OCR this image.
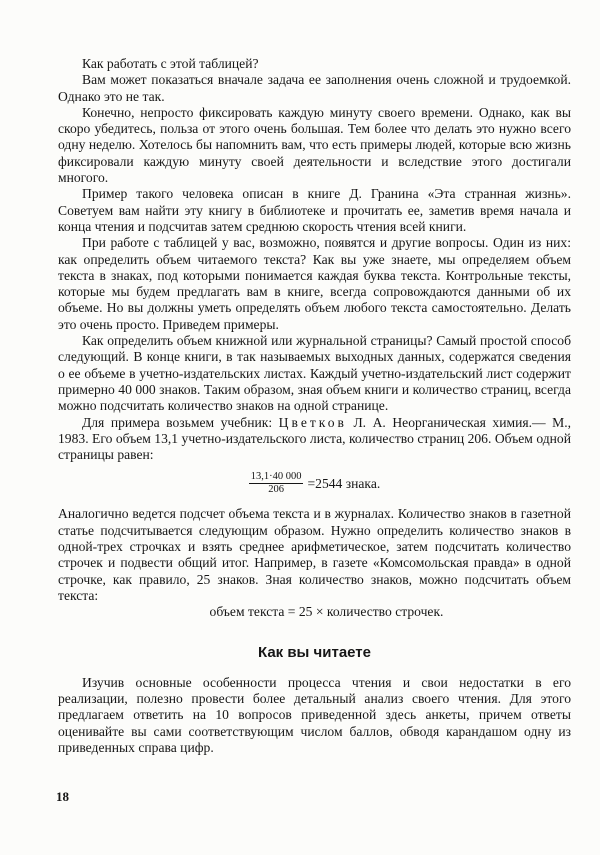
Как работать с этой таблицей?

Вам может показаться вначале задача ее заполнения очень сложной и трудоемкой. Однако это не так.

Конечно, непросто фиксировать каждую минуту своего времени. Однако, как вы скоро убедитесь, польза от этого очень большая. Тем более что делать это нужно всего одну неделю. Хотелось бы напомнить вам, что есть примеры людей, которые всю жизнь фиксировали каждую минуту своей деятельности и вследствие этого достигали многого.

Пример такого человека описан в книге Д. Гранина «Эта странная жизнь». Советуем вам найти эту книгу в библиотеке и прочитать ее, заметив время начала и конца чтения и подсчитав затем среднюю скорость чтения всей книги.

При работе с таблицей у вас, возможно, появятся и другие вопросы. Один из них: как определить объем читаемого текста? Как вы уже знаете, мы определяем объем текста в знаках, под которыми понимается каждая буква текста. Контрольные тексты, которые мы будем предлагать вам в книге, всегда сопровождаются данными об их объеме. Но вы должны уметь определять объем любого текста самостоятельно. Делать это очень просто. Приведем примеры.

Как определить объем книжной или журнальной страницы? Самый простой способ следующий. В конце книги, в так называемых выходных данных, содержатся сведения о ее объеме в учетно-издательских листах. Каждый учетно-издательский лист содержит примерно 40 000 знаков. Таким образом, зная объем книги и количество страниц, всегда можно подсчитать количество знаков на одной странице.

Для примера возьмем учебник: Цветков Л. А. Неорганическая химия.— М., 1983. Его объем 13,1 учетно-издательского листа, количество страниц 206. Объем одной страницы равен:

$\frac{13,1\cdot 40 000}{206} =2544$ знака.

Аналогично ведется подсчет объема текста и в журналах. Количество знаков в газетной статье подсчитывается следующим образом. Нужно определить количество знаков в одной-трех строчках и взять среднее арифметическое, затем подсчитать количество строчек и подвести общий итог. Например, в газете «Комсомольская правда» в одной строчке, как правило, 25 знаков. Зная количество знаков, можно подсчитать объем текста:

объем текста = 25 × количество строчек.

Как вы читаете

Изучив основные особенности процесса чтения и свои недостатки в его реализации, полезно провести более детальный анализ своего чтения. Для этого предлагаем ответить на 10 вопросов приведенной здесь анкеты, причем ответы оценивайте вы сами соответствующим числом баллов, обводя карандашом одну из приведенных справа цифр.

18
